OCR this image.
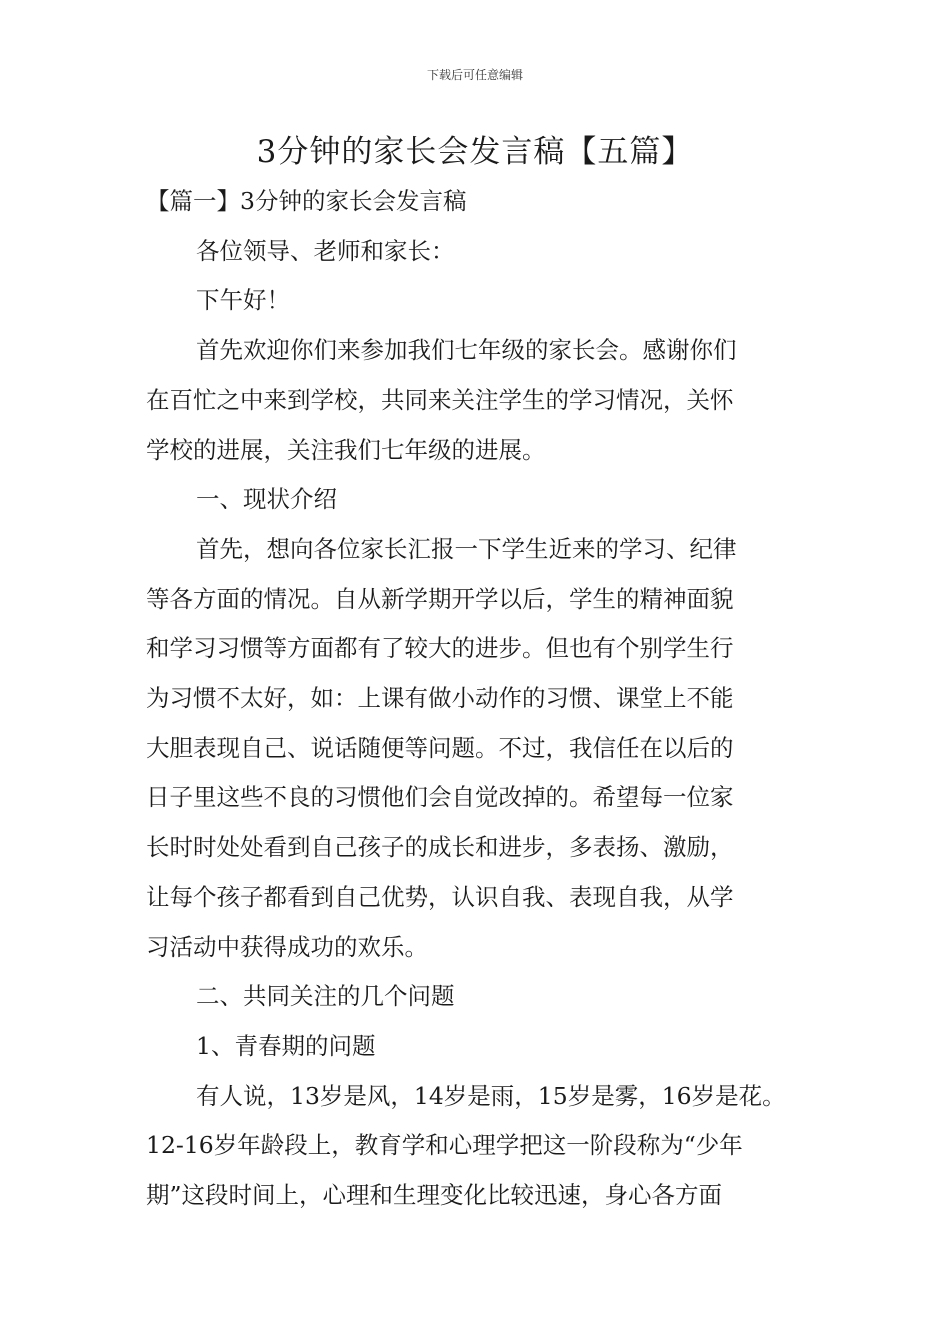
下载后可任意编辑
3分钟的家长会发言稿【五篇】

【篇一】3分钟的家长会发言稿

各位领导、老师和家长：

下午好！

首先欢迎你们来参加我们七年级的家长会。感谢你们

在百忙之中来到学校，共同来关注学生的学习情况，关怀

学校的进展，关注我们七年级的进展。

一、现状介绍

首先，想向各位家长汇报一下学生近来的学习、纪律

等各方面的情况。自从新学期开学以后，学生的精神面貌

和学习习惯等方面都有了较大的进步。但也有个别学生行

为习惯不太好，如：上课有做小动作的习惯、课堂上不能

大胆表现自己、说话随便等问题。不过，我信任在以后的

日子里这些不良的习惯他们会自觉改掉的。希望每一位家

长时时处处看到自己孩子的成长和进步，多表扬、激励，

让每个孩子都看到自己优势，认识自我、表现自我，从学

习活动中获得成功的欢乐。

二、共同关注的几个问题

1、青春期的问题

有人说，13岁是风，14岁是雨，15岁是雾，16岁是花。

12-16岁年龄段上，教育学和心理学把这一阶段称为“少年

期”这段时间上，心理和生理变化比较迅速，身心各方面
